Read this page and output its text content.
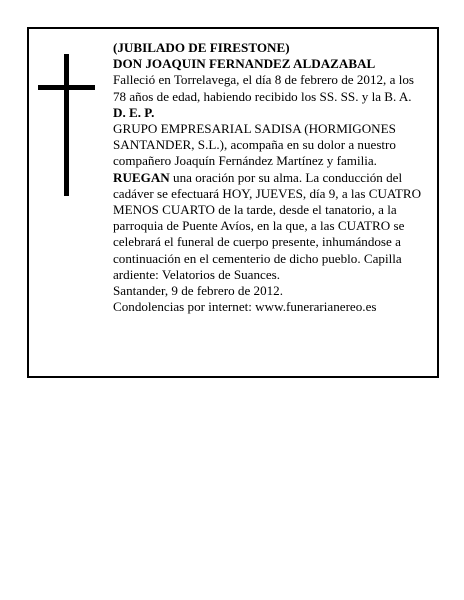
(JUBILADO DE FIRESTONE)

DON JOAQUIN FERNANDEZ ALDAZABAL

Falleció en Torrelavega, el día 8 de febrero de 2012, a los 78 años de edad, habiendo recibido los SS. SS. y la B. A.

D. E. P.

GRUPO EMPRESARIAL SADISA (HORMIGONES SANTANDER, S.L.), acompaña en su dolor a nuestro compañero Joaquín Fernández Martínez y familia.

RUEGAN una oración por su alma. La conducción del cadáver se efectuará HOY, JUEVES, día 9, a las CUATRO MENOS CUARTO de la tarde, desde el tanatorio, a la parroquia de Puente Avíos, en la que, a las CUATRO se celebrará el funeral de cuerpo presente, inhumándose a continuación en el cementerio de dicho pueblo. Capilla ardiente: Velatorios de Suances.

Santander, 9 de febrero de 2012.

Condolencias por internet: www.funerarianereo.es
